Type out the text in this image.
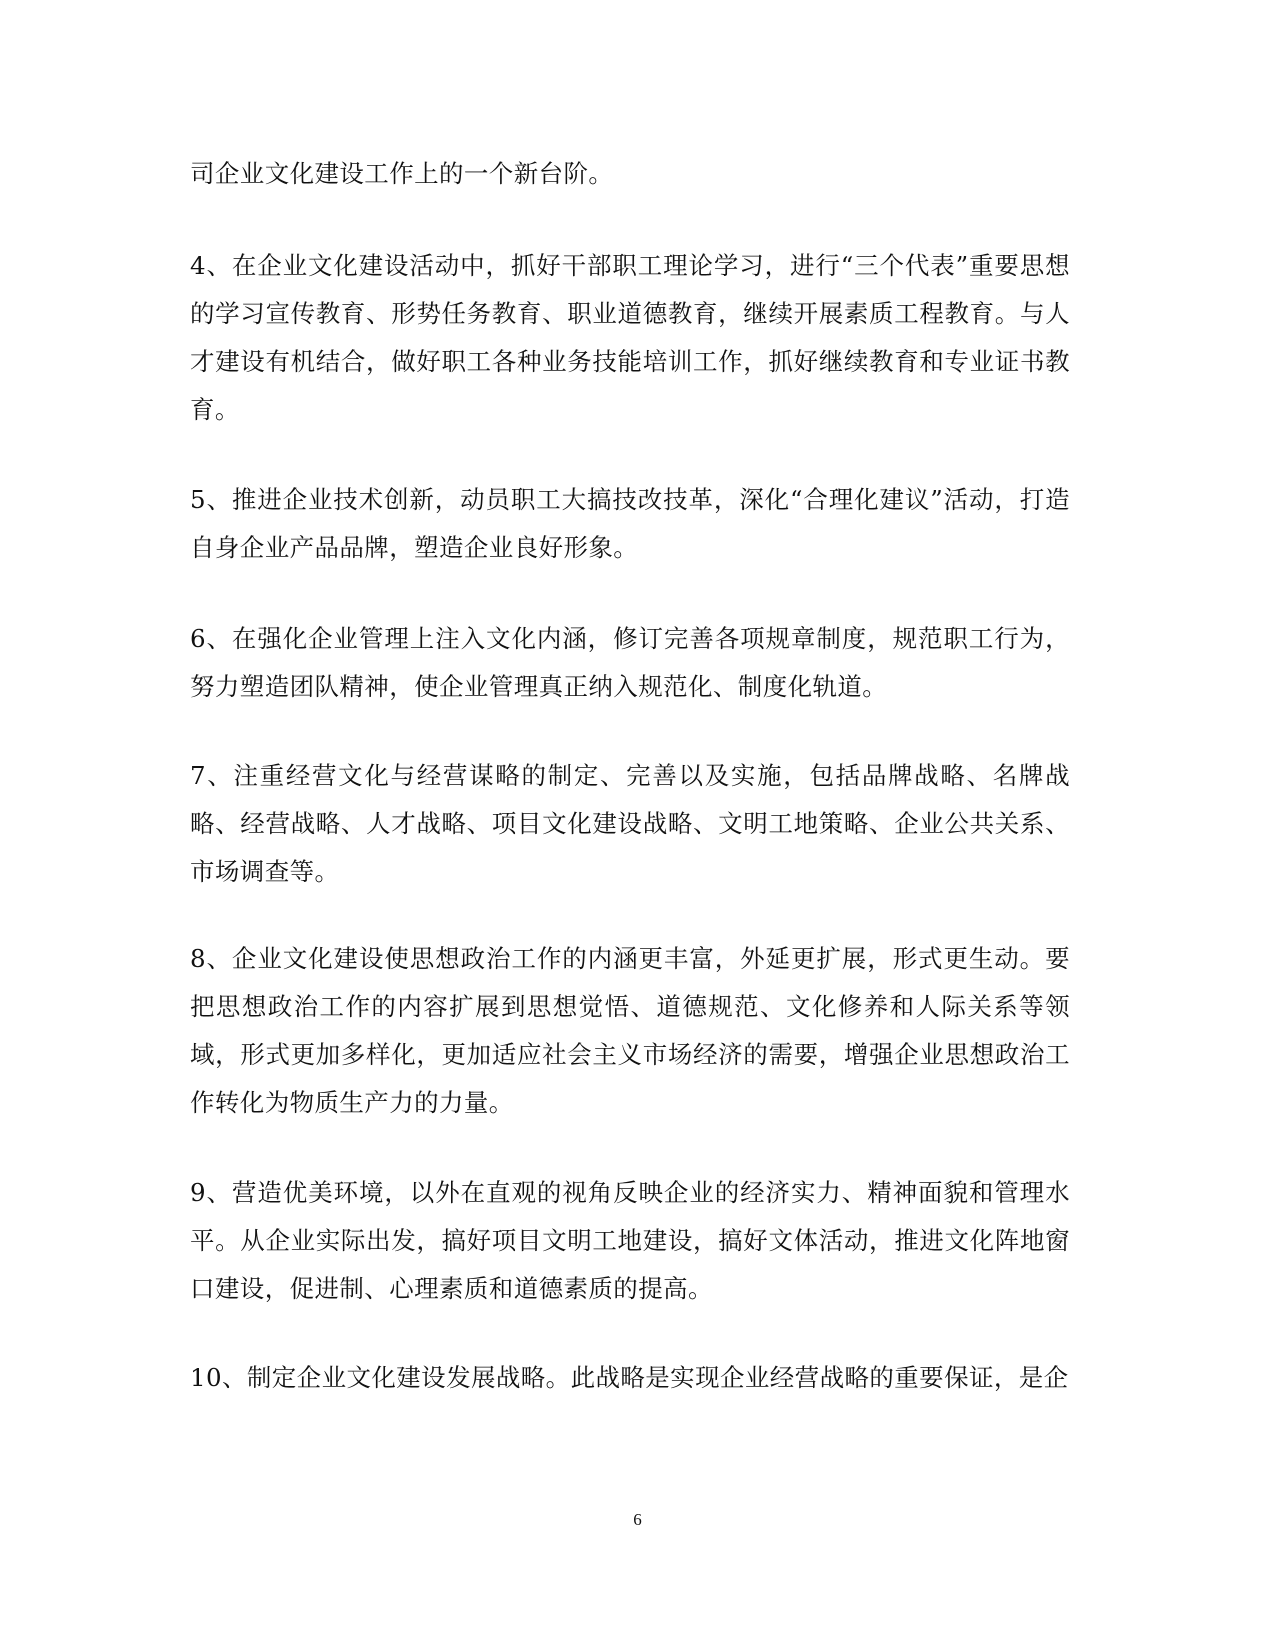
司企业文化建设工作上的一个新台阶。

4、在企业文化建设活动中，抓好干部职工理论学习，进行“三个代表”重要思想的学习宣传教育、形势任务教育、职业道德教育，继续开展素质工程教育。与人才建设有机结合，做好职工各种业务技能培训工作，抓好继续教育和专业证书教育。

5、推进企业技术创新，动员职工大搞技改技革，深化“合理化建议”活动，打造自身企业产品品牌，塑造企业良好形象。

6、在强化企业管理上注入文化内涵，修订完善各项规章制度，规范职工行为，努力塑造团队精神，使企业管理真正纳入规范化、制度化轨道。

7、注重经营文化与经营谋略的制定、完善以及实施，包括品牌战略、名牌战略、经营战略、人才战略、项目文化建设战略、文明工地策略、企业公共关系、市场调查等。

8、企业文化建设使思想政治工作的内涵更丰富，外延更扩展，形式更生动。要把思想政治工作的内容扩展到思想觉悟、道德规范、文化修养和人际关系等领域，形式更加多样化，更加适应社会主义市场经济的需要，增强企业思想政治工作转化为物质生产力的力量。

9、营造优美环境，以外在直观的视角反映企业的经济实力、精神面貌和管理水平。从企业实际出发，搞好项目文明工地建设，搞好文体活动，推进文化阵地窗口建设，促进制、心理素质和道德素质的提高。

10、制定企业文化建设发展战略。此战略是实现企业经营战略的重要保证，是企

6
